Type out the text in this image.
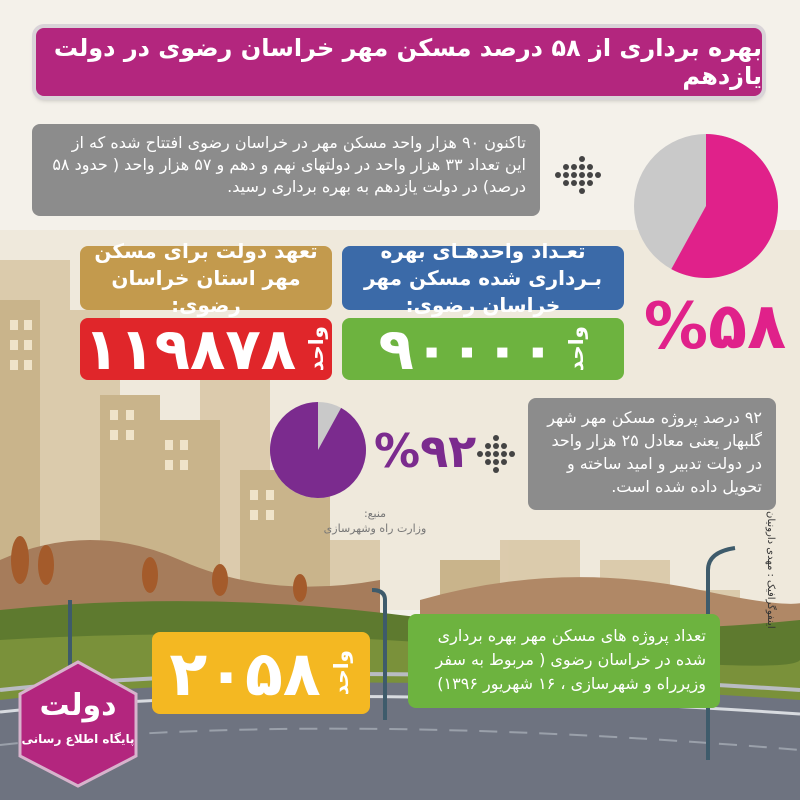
بهره برداری از ۵۸ درصد مسکن مهر خراسان رضوی در دولت یازدهم
تاکنون ۹۰ هزار واحد مسکن مهر در خراسان رضوی افتتاح شده که از این تعداد ۳۳ هزار واحد در دولتهای نهم و دهم و ۵۷ هزار واحد ( حدود ۵۸ درصد) در دولت یازدهم به بهره برداری رسید.
%۵۸
تعهد دولت برای مسکن مهر استان خراسان رضوی:
تعـداد واحدهـای بهره بـرداری شده مسکن مهر خراسان رضوی:
۱۱۹۸۷۸ واحد ۹۰۰۰۰ واحد
%۹۲
۹۲ درصد پروژه مسکن مهر شهر گلبهار یعنی معادل ۲۵ هزار واحد در دولت تدبیر و امید ساخته و تحویل داده شده است.
منبع:
وزارت راه وشهرسازی	اینفوگرافیک : مهدی دارونیان
۲۰۵۸ واحد
تعداد پروژه های مسکن مهر بهره برداری شده در خراسان رضوی ( مربوط به سفر وزیرراه و شهرسازی ، ۱۶ شهریور ۱۳۹۶)
دولت
پایگاه اطلاع رسانی
